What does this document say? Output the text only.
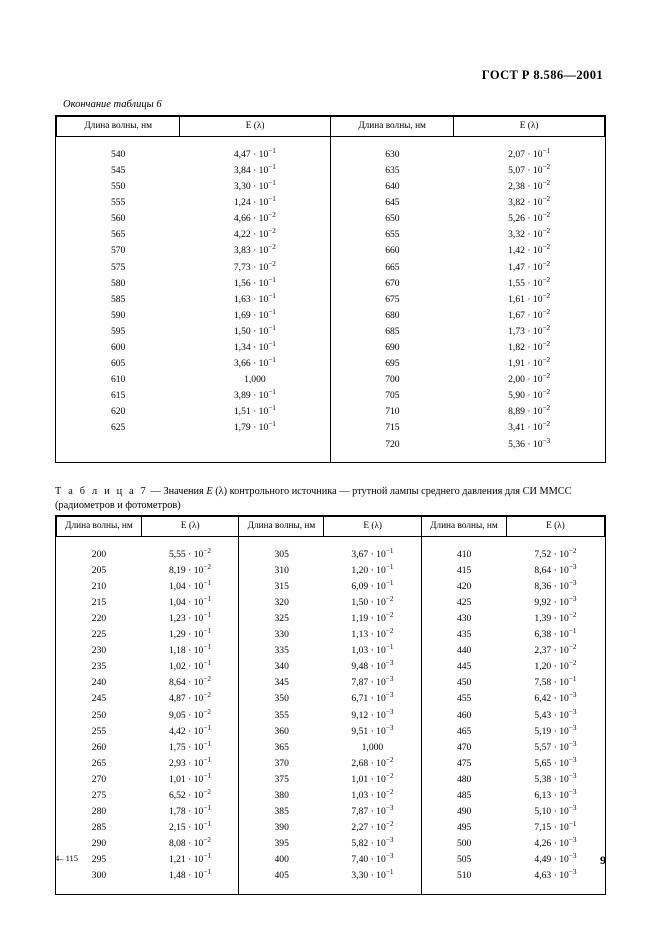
ГОСТ Р 8.586—2001
Окончание таблицы 6
Длина волны, нм	E (λ)	Длина волны, нм	E (λ)

540	$4,47 \cdot 10^{-1}$	630	$2,07 \cdot 10^{-1}$
545	$3,84 \cdot 10^{-1}$	635	$5,07 \cdot 10^{-2}$
550	$3,30 \cdot 10^{-1}$	640	$2,38 \cdot 10^{-2}$
555	$1,24 \cdot 10^{-1}$	645	$3,82 \cdot 10^{-2}$
560	$4,66 \cdot 10^{-2}$	650	$5,26 \cdot 10^{-2}$
565	$4,22 \cdot 10^{-2}$	655	$3,32 \cdot 10^{-2}$
570	$3,83 \cdot 10^{-2}$	660	$1,42 \cdot 10^{-2}$
575	$7,73 \cdot 10^{-2}$	665	$1,47 \cdot 10^{-2}$
580	$1,56 \cdot 10^{-1}$	670	$1,55 \cdot 10^{-2}$
585	$1,63 \cdot 10^{-1}$	675	$1,61 \cdot 10^{-2}$
590	$1,69 \cdot 10^{-1}$	680	$1,67 \cdot 10^{-2}$
595	$1,50 \cdot 10^{-1}$	685	$1,73 \cdot 10^{-2}$
600	$1,34 \cdot 10^{-1}$	690	$1,82 \cdot 10^{-2}$
605	$3,66 \cdot 10^{-1}$	695	$1,91 \cdot 10^{-2}$
610	1,000	700	$2,00 \cdot 10^{-2}$
615	$3,89 \cdot 10^{-1}$	705	$5,90 \cdot 10^{-2}$
620	$1,51 \cdot 10^{-1}$	710	$8,89 \cdot 10^{-2}$
625	$1,79 \cdot 10^{-1}$	715	$3,41 \cdot 10^{-2}$
		720	$5,36 \cdot 10^{-3}$

Т а б л и ц а 7 — Значения E (λ) контрольного источника — ртутной лампы среднего давления для СИ ММСС (радиометров и фотометров)
Длина волны, нм	E (λ)	Длина волны, нм	E (λ)	Длина волны, нм	E (λ)

200	$5,55 \cdot 10^{-2}$	305	$3,67 \cdot 10^{-1}$	410	$7,52 \cdot 10^{-2}$
205	$8,19 \cdot 10^{-2}$	310	$1,20 \cdot 10^{-1}$	415	$8,64 \cdot 10^{-3}$
210	$1,04 \cdot 10^{-1}$	315	$6,09 \cdot 10^{-1}$	420	$8,36 \cdot 10^{-3}$
215	$1,04 \cdot 10^{-1}$	320	$1,50 \cdot 10^{-2}$	425	$9,92 \cdot 10^{-3}$
220	$1,23 \cdot 10^{-1}$	325	$1,19 \cdot 10^{-2}$	430	$1,39 \cdot 10^{-2}$
225	$1,29 \cdot 10^{-1}$	330	$1,13 \cdot 10^{-2}$	435	$6,38 \cdot 10^{-1}$
230	$1,18 \cdot 10^{-1}$	335	$1,03 \cdot 10^{-1}$	440	$2,37 \cdot 10^{-2}$
235	$1,02 \cdot 10^{-1}$	340	$9,48 \cdot 10^{-3}$	445	$1,20 \cdot 10^{-2}$
240	$8,64 \cdot 10^{-2}$	345	$7,87 \cdot 10^{-3}$	450	$7,58 \cdot 10^{-1}$
245	$4,87 \cdot 10^{-2}$	350	$6,71 \cdot 10^{-3}$	455	$6,42 \cdot 10^{-3}$
250	$9,05 \cdot 10^{-2}$	355	$9,12 \cdot 10^{-3}$	460	$5,43 \cdot 10^{-3}$
255	$4,42 \cdot 10^{-1}$	360	$9,51 \cdot 10^{-3}$	465	$5,19 \cdot 10^{-3}$
260	$1,75 \cdot 10^{-1}$	365	1,000	470	$5,57 \cdot 10^{-3}$
265	$2,93 \cdot 10^{-1}$	370	$2,68 \cdot 10^{-2}$	475	$5,65 \cdot 10^{-3}$
270	$1,01 \cdot 10^{-1}$	375	$1,01 \cdot 10^{-2}$	480	$5,38 \cdot 10^{-3}$
275	$6,52 \cdot 10^{-2}$	380	$1,03 \cdot 10^{-2}$	485	$6,13 \cdot 10^{-3}$
280	$1,78 \cdot 10^{-1}$	385	$7,87 \cdot 10^{-3}$	490	$5,10 \cdot 10^{-3}$
285	$2,15 \cdot 10^{-1}$	390	$2,27 \cdot 10^{-2}$	495	$7,15 \cdot 10^{-1}$
290	$8,08 \cdot 10^{-2}$	395	$5,82 \cdot 10^{-3}$	500	$4,26 \cdot 10^{-3}$
295	$1,21 \cdot 10^{-1}$	400	$7,40 \cdot 10^{-3}$	505	$4,49 \cdot 10^{-3}$
300	$1,48 \cdot 10^{-1}$	405	$3,30 \cdot 10^{-1}$	510	$4,63 \cdot 10^{-3}$

4– 115	9
